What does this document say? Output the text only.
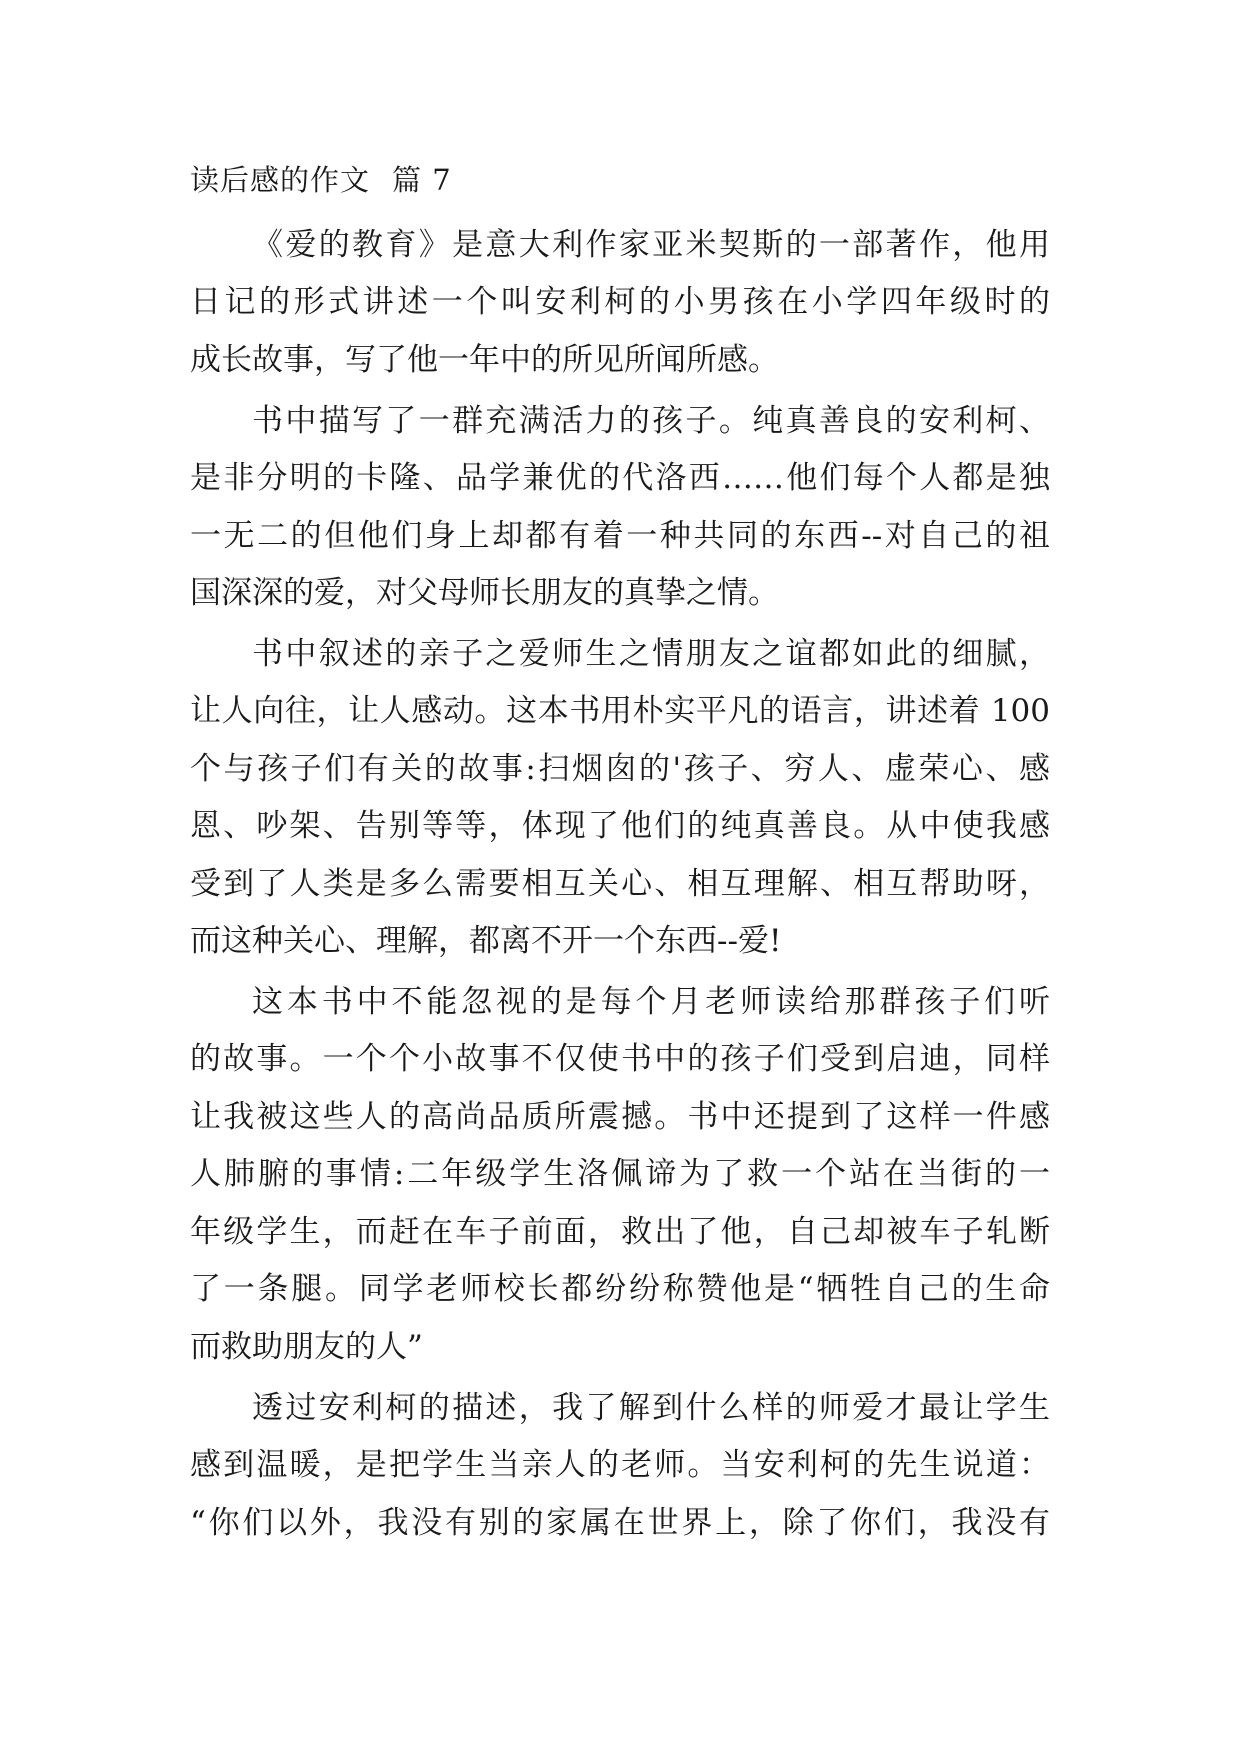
读后感的作文 篇 7
《爱的教育》是意大利作家亚米契斯的一部著作，他用
日记的形式讲述一个叫安利柯的小男孩在小学四年级时的
成长故事，写了他一年中的所见所闻所感。
书中描写了一群充满活力的孩子。纯真善良的安利柯、
是非分明的卡隆、品学兼优的代洛西……他们每个人都是独
一无二的但他们身上却都有着一种共同的东西--对自己的祖
国深深的爱，对父母师长朋友的真挚之情。
书中叙述的亲子之爱师生之情朋友之谊都如此的细腻，
让人向往，让人感动。这本书用朴实平凡的语言，讲述着 100
个与孩子们有关的故事:扫烟囱的'孩子、穷人、虚荣心、感
恩、吵架、告别等等，体现了他们的纯真善良。从中使我感
受到了人类是多么需要相互关心、相互理解、相互帮助呀，
而这种关心、理解，都离不开一个东西--爱!
这本书中不能忽视的是每个月老师读给那群孩子们听
的故事。一个个小故事不仅使书中的孩子们受到启迪，同样
让我被这些人的高尚品质所震撼。书中还提到了这样一件感
人肺腑的事情:二年级学生洛佩谛为了救一个站在当街的一
年级学生，而赶在车子前面，救出了他，自己却被车子轧断
了一条腿。同学老师校长都纷纷称赞他是“牺牲自己的生命
而救助朋友的人”
透过安利柯的描述，我了解到什么样的师爱才最让学生
感到温暖，是把学生当亲人的老师。当安利柯的先生说道：
“你们以外，我没有别的家属在世界上，除了你们，我没有
